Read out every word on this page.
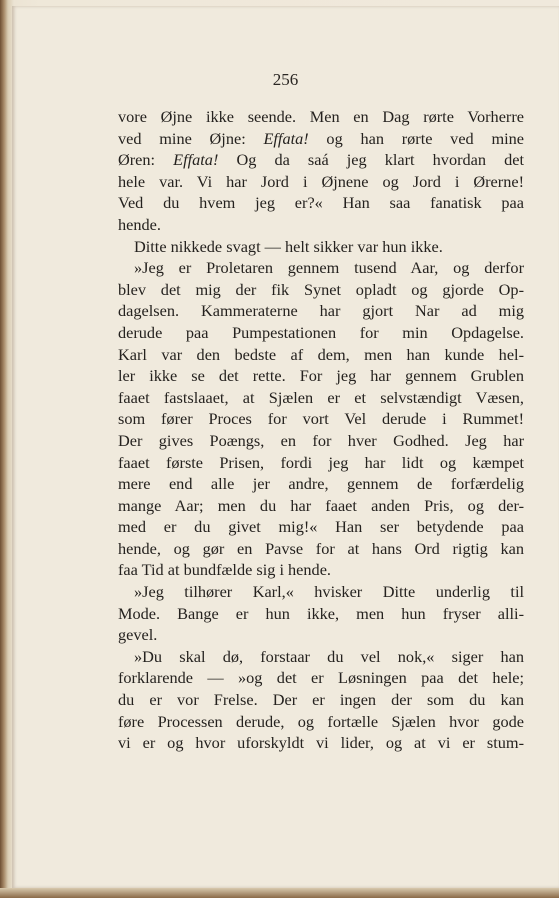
256
vore Øjne ikke seende. Men en Dag rørte Vorherre
ved mine Øjne: Effata! og han rørte ved mine
Øren: Effata! Og da saá jeg klart hvordan det
hele var. Vi har Jord i Øjnene og Jord i Ørerne!
Ved du hvem jeg er?« Han saa fanatisk paa
hende.
Ditte nikkede svagt — helt sikker var hun ikke.
»Jeg er Proletaren gennem tusend Aar, og derfor
blev det mig der fik Synet opladt og gjorde Op-
dagelsen. Kammeraterne har gjort Nar ad mig
derude paa Pumpestationen for min Opdagelse.
Karl var den bedste af dem, men han kunde hel-
ler ikke se det rette. For jeg har gennem Grublen
faaet fastslaaet, at Sjælen er et selvstændigt Væsen,
som fører Proces for vort Vel derude i Rummet!
Der gives Poængs, en for hver Godhed. Jeg har
faaet første Prisen, fordi jeg har lidt og kæmpet
mere end alle jer andre, gennem de forfærdelig
mange Aar; men du har faaet anden Pris, og der-
med er du givet mig!« Han ser betydende paa
hende, og gør en Pavse for at hans Ord rigtig kan
faa Tid at bundfælde sig i hende.
»Jeg tilhører Karl,« hvisker Ditte underlig til
Mode. Bange er hun ikke, men hun fryser alli-
gevel.
»Du skal dø, forstaar du vel nok,« siger han
forklarende — »og det er Løsningen paa det hele;
du er vor Frelse. Der er ingen der som du kan
føre Processen derude, og fortælle Sjælen hvor gode
vi er og hvor uforskyldt vi lider, og at vi er stum-
